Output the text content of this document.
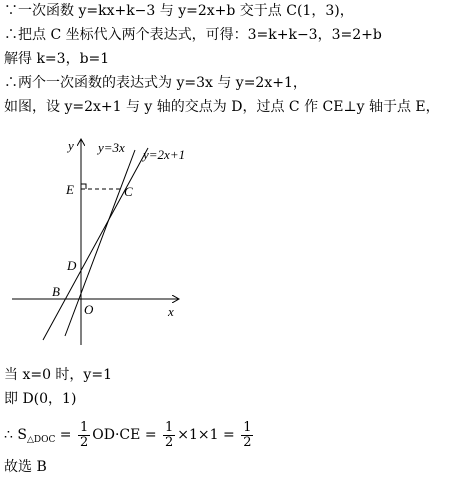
∵一次函数 y=kx+k−3 与 y=2x+b 交于点 C(1，3)，
∴把点 C 坐标代入两个表达式，可得：3=k+k−3，3=2+b
解得 k=3，b=1
∴两个一次函数的表达式为 y=3x 与 y=2x+1，
如图，设 y=2x+1 与 y 轴的交点为 D，过点 C 作 CE⊥y 轴于点 E，
y
x
O
E	C
D
B
y=3x y=2x+1
当 x=0 时，y=1
即 D(0，1)
∴ $S_{\triangle DOC} = \frac{1}{2} OD\cdot CE = \frac{1}{2} \times 1\times 1 = \frac{1}{2}$
故选 B
